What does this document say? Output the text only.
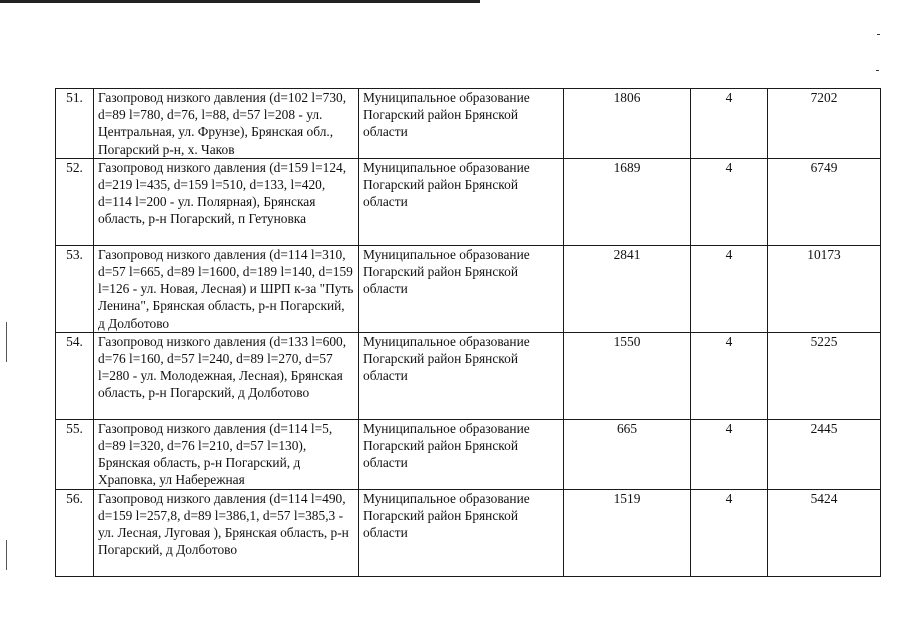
51.	Газопровод низкого давления (d=102 l=730, d=89 l=780, d=76, l=88, d=57 l=208 - ул. Центральная, ул. Фрунзе), Брянская обл., Погарский р-н, х. Чаков	Муниципальное образование Погарский район Брянской области	1806	4	7202
52.	Газопровод низкого давления (d=159 l=124, d=219 l=435, d=159 l=510, d=133, l=420, d=114 l=200 - ул. Полярная), Брянская область, р-н Погарский, п Гетуновка	Муниципальное образование Погарский район Брянской области	1689	4	6749
53.	Газопровод низкого давления (d=114 l=310, d=57 l=665, d=89 l=1600, d=189 l=140, d=159 l=126 - ул. Новая, Лесная) и ШРП к-за "Путь Ленина", Брянская область, р-н Погарский, д Долботово	Муниципальное образование Погарский район Брянской области	2841	4	10173
54.	Газопровод низкого давления (d=133 l=600, d=76 l=160, d=57 l=240, d=89 l=270, d=57 l=280 - ул. Молодежная, Лесная), Брянская область, р-н Погарский, д Долботово	Муниципальное образование Погарский район Брянской области	1550	4	5225
55.	Газопровод низкого давления (d=114 l=5, d=89 l=320, d=76 l=210, d=57 l=130), Брянская область, р-н Погарский, д Храповка, ул Набережная	Муниципальное образование Погарский район Брянской области	665	4	2445
56.	Газопровод низкого давления (d=114 l=490, d=159 l=257,8, d=89 l=386,1, d=57 l=385,3 - ул. Лесная, Луговая ), Брянская область, р-н Погарский, д Долботово	Муниципальное образование Погарский район Брянской области	1519	4	5424
